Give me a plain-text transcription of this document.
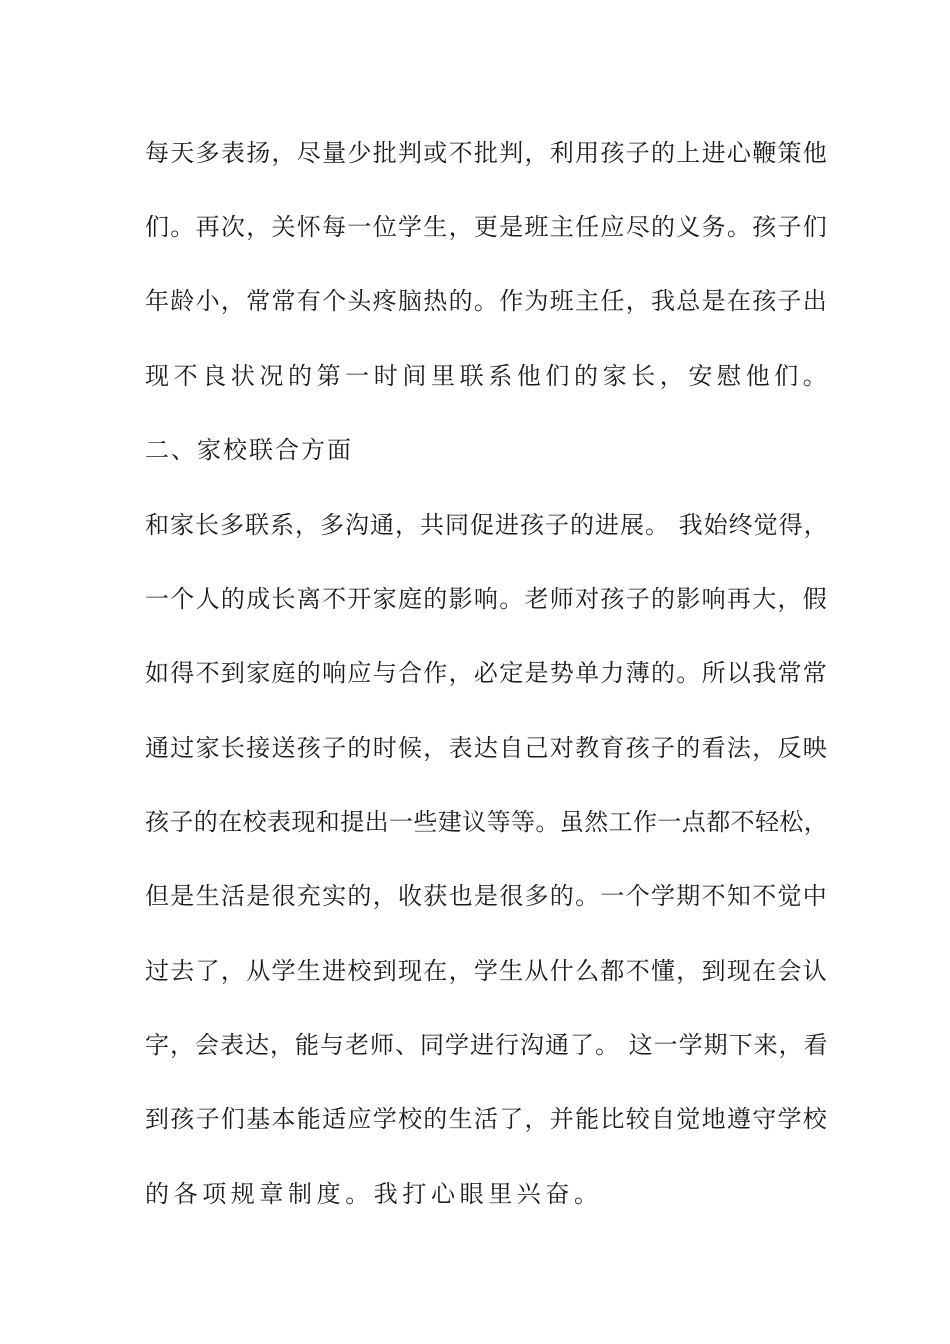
每天多表扬，尽量少批判或不批判，利用孩子的上进心鞭策他
们。再次，关怀每一位学生，更是班主任应尽的义务。孩子们
年龄小，常常有个头疼脑热的。作为班主任，我总是在孩子出
现不良状况的第一时间里联系他们的家长，安慰他们。
二、家校联合方面
和家长多联系，多沟通，共同促进孩子的进展。 我始终觉得，
一个人的成长离不开家庭的影响。老师对孩子的影响再大，假
如得不到家庭的响应与合作，必定是势单力薄的。所以我常常
通过家长接送孩子的时候，表达自己对教育孩子的看法，反映
孩子的在校表现和提出一些建议等等。虽然工作一点都不轻松，
但是生活是很充实的，收获也是很多的。一个学期不知不觉中
过去了，从学生进校到现在，学生从什么都不懂，到现在会认
字，会表达，能与老师、同学进行沟通了。 这一学期下来，看
到孩子们基本能适应学校的生活了，并能比较自觉地遵守学校
的各项规章制度。我打心眼里兴奋。
